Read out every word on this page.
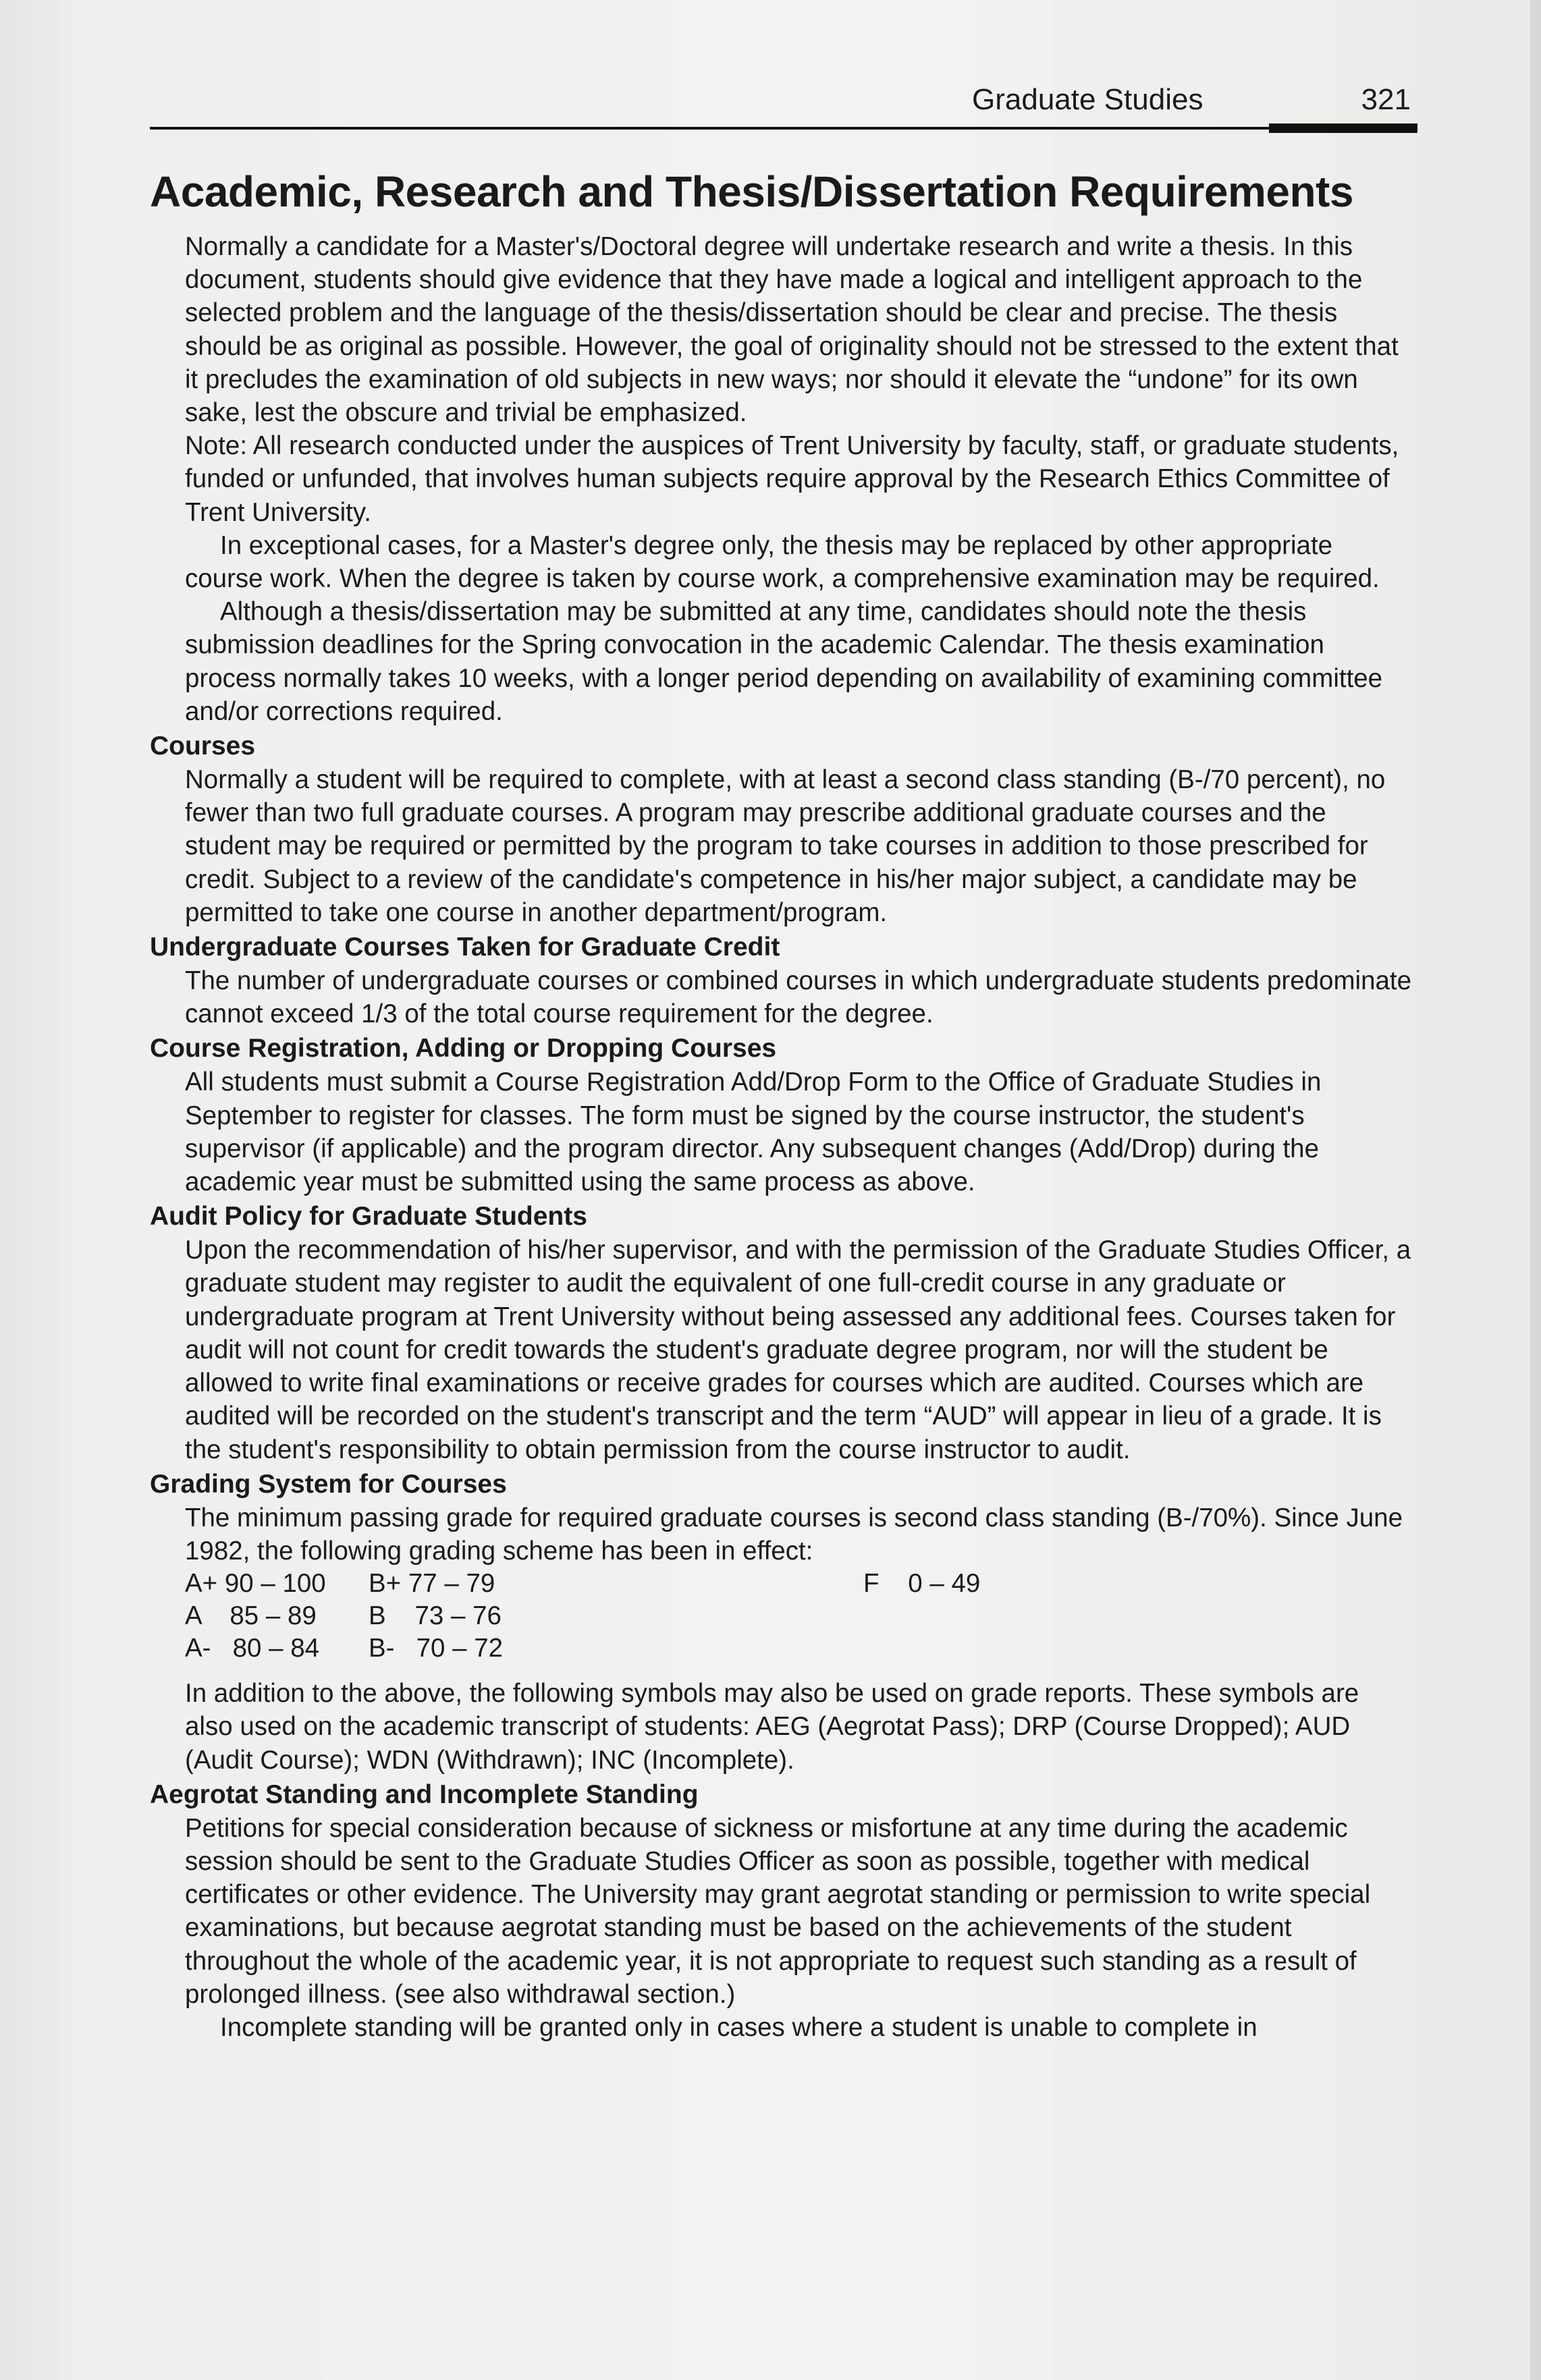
Graduate Studies	321
Academic, Research and Thesis/Dissertation Requirements

Normally a candidate for a Master's/Doctoral degree will undertake research and write a thesis. In this document, students should give evidence that they have made a logical and intelligent approach to the selected problem and the language of the thesis/dissertation should be clear and precise. The thesis should be as original as possible. However, the goal of originality should not be stressed to the extent that it precludes the examination of old subjects in new ways; nor should it elevate the “undone” for its own sake, lest the obscure and trivial be emphasized.

Note: All research conducted under the auspices of Trent University by faculty, staff, or graduate students, funded or unfunded, that involves human subjects require approval by the Research Ethics Committee of Trent University.

In exceptional cases, for a Master's degree only, the thesis may be replaced by other appropriate course work. When the degree is taken by course work, a comprehensive examination may be required.

Although a thesis/dissertation may be submitted at any time, candidates should note the thesis submission deadlines for the Spring convocation in the academic Calendar. The thesis examination process normally takes 10 weeks, with a longer period depending on availability of examining committee and/or corrections required.

Courses

Normally a student will be required to complete, with at least a second class standing (B-/70 percent), no fewer than two full graduate courses. A program may prescribe additional graduate courses and the student may be required or permitted by the program to take courses in addition to those prescribed for credit. Subject to a review of the candidate's competence in his/her major subject, a candidate may be permitted to take one course in another department/program.

Undergraduate Courses Taken for Graduate Credit

The number of undergraduate courses or combined courses in which undergraduate students predominate cannot exceed 1/3 of the total course requirement for the degree.

Course Registration, Adding or Dropping Courses

All students must submit a Course Registration Add/Drop Form to the Office of Graduate Studies in September to register for classes. The form must be signed by the course instructor, the student's supervisor (if applicable) and the program director. Any subsequent changes (Add/Drop) during the academic year must be submitted using the same process as above.

Audit Policy for Graduate Students

Upon the recommendation of his/her supervisor, and with the permission of the Graduate Studies Officer, a graduate student may register to audit the equivalent of one full-credit course in any graduate or undergraduate program at Trent University without being assessed any additional fees. Courses taken for audit will not count for credit towards the student's graduate degree program, nor will the student be allowed to write final examinations or receive grades for courses which are audited. Courses which are audited will be recorded on the student's transcript and the term “AUD” will appear in lieu of a grade. It is the student's responsibility to obtain permission from the course instructor to audit.

Grading System for Courses

The minimum passing grade for required graduate courses is second class standing (B-/70%). Since June 1982, the following grading scheme has been in effect:

A+ 90 – 100 B+ 77 – 79	F    0 – 49
A    85 – 89 B    73 – 76
A-   80 – 84 B-   70 – 72

In addition to the above, the following symbols may also be used on grade reports. These symbols are also used on the academic transcript of students: AEG (Aegrotat Pass); DRP (Course Dropped); AUD (Audit Course); WDN (Withdrawn); INC (Incomplete).

Aegrotat Standing and Incomplete Standing

Petitions for special consideration because of sickness or misfortune at any time during the academic session should be sent to the Graduate Studies Officer as soon as possible, together with medical certificates or other evidence. The University may grant aegrotat standing or permission to write special examinations, but because aegrotat standing must be based on the achievements of the student throughout the whole of the academic year, it is not appropriate to request such standing as a result of prolonged illness. (see also withdrawal section.)

Incomplete standing will be granted only in cases where a student is unable to complete in
